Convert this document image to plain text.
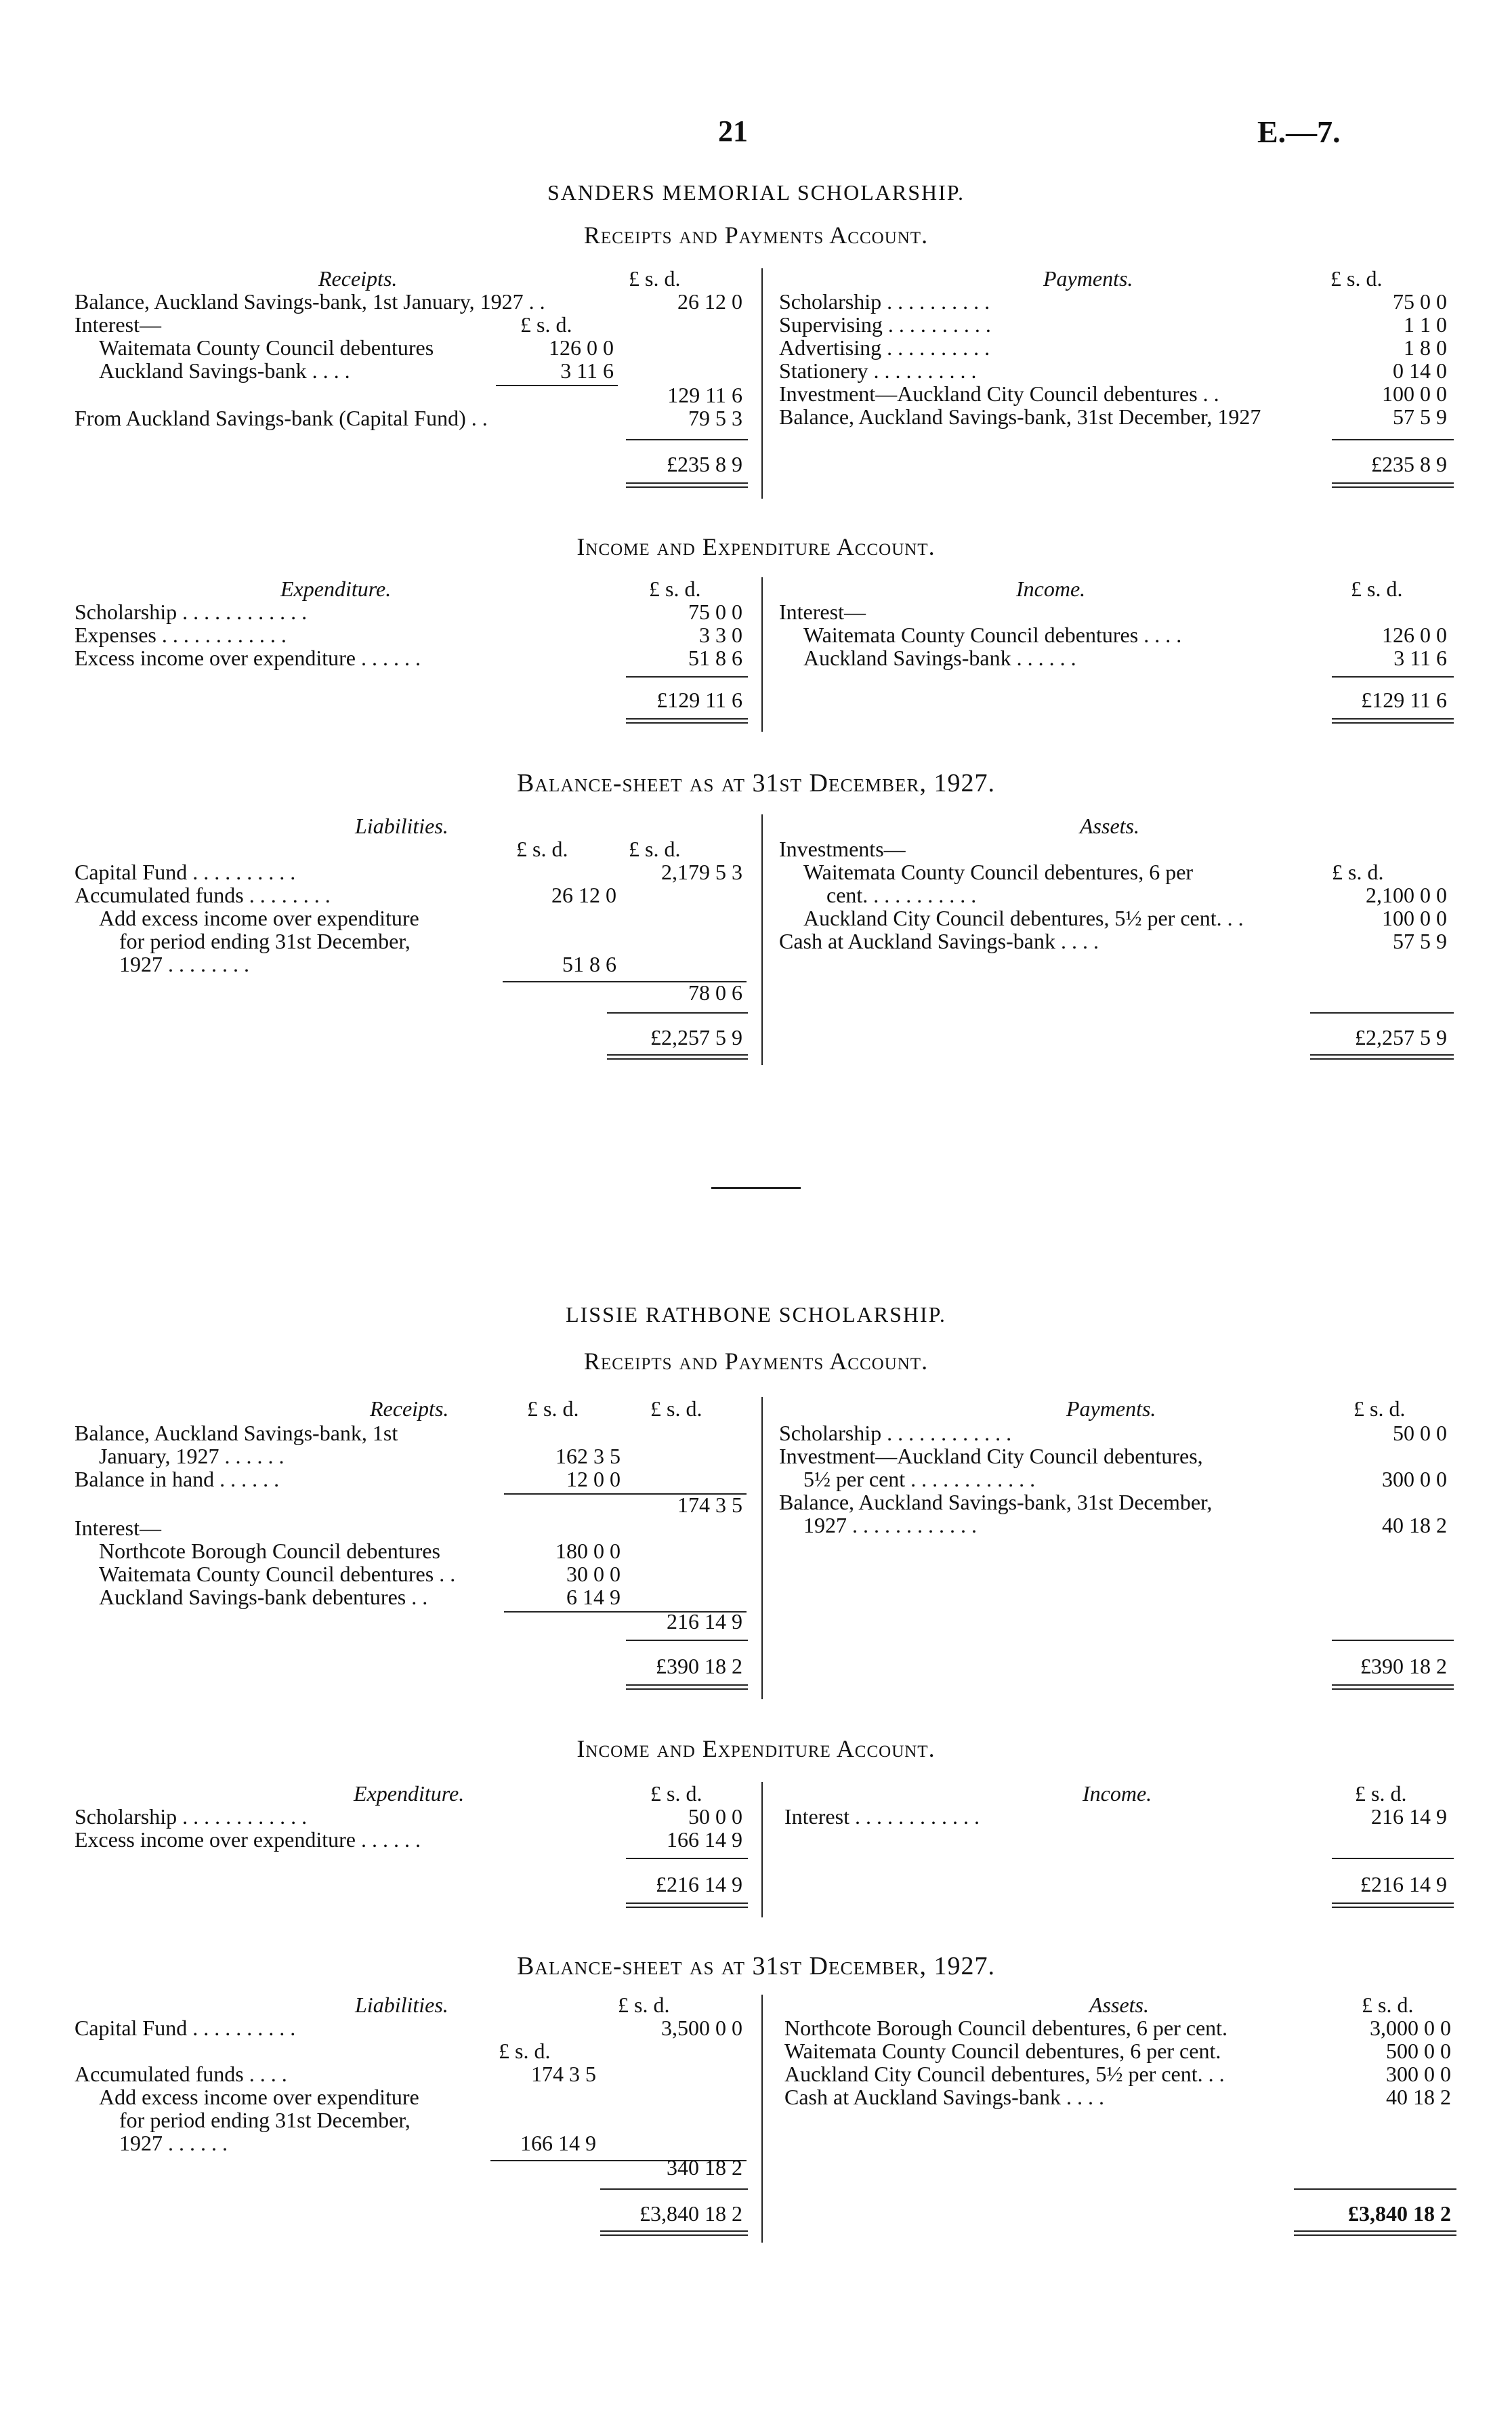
21	E.—7.
SANDERS MEMORIAL SCHOLARSHIP.
Receipts and Payments Account.
Receipts.	£ s. d.
Balance, Auckland Savings-bank, 1st January, 1927 . .	26 12 0
Interest—	£ s. d.
Waitemata County Council debentures	126 0 0
Auckland Savings-bank . . . .	3 11 6
129 11 6
From Auckland Savings-bank (Capital Fund) . .	79 5 3
£235 8 9
Payments.	£ s. d.
Scholarship . . . . . . . . . .	75 0 0
Supervising . . . . . . . . . .	1 1 0
Advertising . . . . . . . . . .	1 8 0
Stationery . . . . . . . . . .	0 14 0
Investment—Auckland City Council debentures . .	100 0 0
Balance, Auckland Savings-bank, 31st December, 1927	57 5 9
£235 8 9
Income and Expenditure Account.
Expenditure.	£ s. d.
Scholarship . . . . . . . . . . . .	75 0 0
Expenses . . . . . . . . . . . .	3 3 0
Excess income over expenditure . . . . . .	51 8 6
£129 11 6
Income.	£ s. d.
Interest—
Waitemata County Council debentures . . . .	126 0 0
Auckland Savings-bank . . . . . .	3 11 6
£129 11 6
Balance-sheet as at 31st December, 1927.
Liabilities.
£ s. d.	£ s. d.
Capital Fund . . . . . . . . . .	2,179 5 3
Accumulated funds . . . . . . . .	26 12 0
Add excess income over expenditure
for period ending 31st December,
1927 . . . . . . . .	51 8 6
78 0 6
£2,257 5 9
Assets.
Investments—
Waitemata County Council debentures, 6 per	£ s. d.
cent. . . . . . . . . . .	2,100 0 0
Auckland City Council debentures, 5½ per cent. . .	100 0 0
Cash at Auckland Savings-bank . . . .	57 5 9
£2,257 5 9
LISSIE RATHBONE SCHOLARSHIP.
Receipts and Payments Account.
Receipts.	£ s. d.	£ s. d.
Balance, Auckland Savings-bank, 1st
January, 1927 . . . . . .	162 3 5
Balance in hand . . . . . .	12 0 0
174 3 5
Interest—
Northcote Borough Council debentures	180 0 0
Waitemata County Council debentures . .	30 0 0
Auckland Savings-bank debentures . .	6 14 9
216 14 9
£390 18 2
Payments.	£ s. d.
Scholarship . . . . . . . . . . . .	50 0 0
Investment—Auckland City Council debentures,
5½ per cent . . . . . . . . . . . .	300 0 0
Balance, Auckland Savings-bank, 31st December,
1927 . . . . . . . . . . . .	40 18 2
£390 18 2
Income and Expenditure Account.
Expenditure.	£ s. d.
Scholarship . . . . . . . . . . . .	50 0 0
Excess income over expenditure . . . . . .	166 14 9
£216 14 9
Income.	£ s. d.
Interest . . . . . . . . . . . .	216 14 9
£216 14 9
Balance-sheet as at 31st December, 1927.
Liabilities.	£ s. d.
Capital Fund . . . . . . . . . .	3,500 0 0
£ s. d.
Accumulated funds . . . .	174 3 5
Add excess income over expenditure
for period ending 31st December,
1927 . . . . . .	166 14 9
340 18 2
£3,840 18 2
Assets.	£ s. d.
Northcote Borough Council debentures, 6 per cent.	3,000 0 0
Waitemata County Council debentures, 6 per cent.	500 0 0
Auckland City Council debentures, 5½ per cent. . .	300 0 0
Cash at Auckland Savings-bank . . . .	40 18 2
£3,840 18 2
